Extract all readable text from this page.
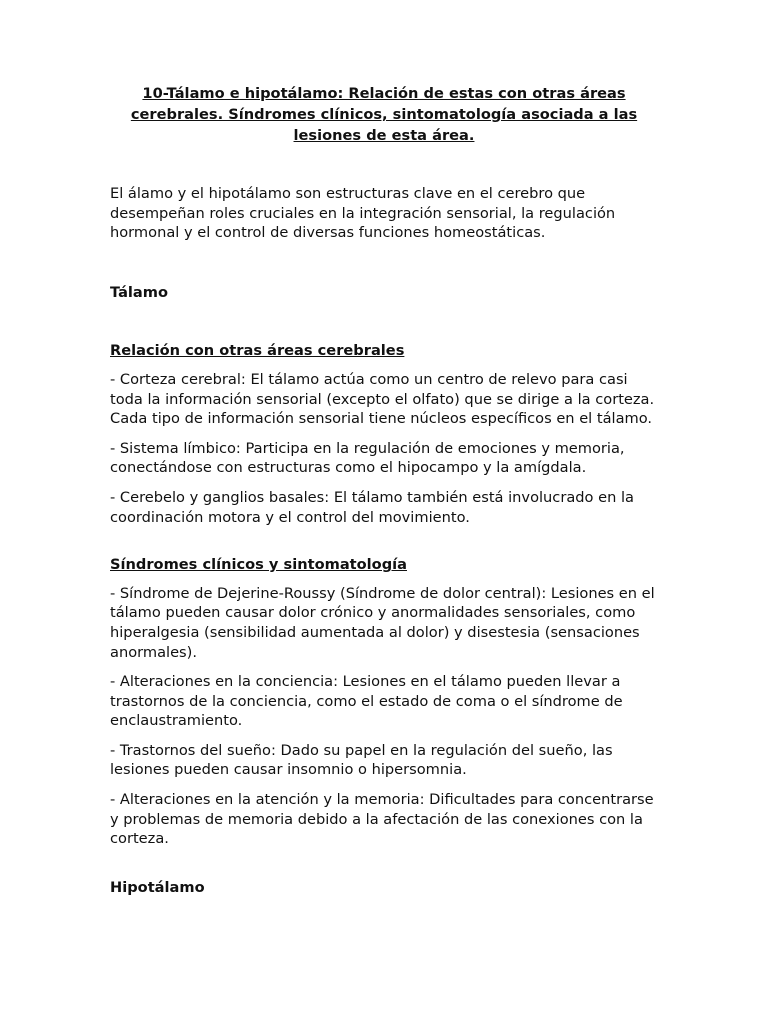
10-Tálamo e hipotálamo: Relación de estas con otras áreas cerebrales. Síndromes clínicos, sintomatología asociada a las lesiones de esta área.

El álamo y el hipotálamo son estructuras clave en el cerebro que desempeñan roles cruciales en la integración sensorial, la regulación hormonal y el control de diversas funciones homeostáticas.

Tálamo

Relación con otras áreas cerebrales

- Corteza cerebral: El tálamo actúa como un centro de relevo para casi toda la información sensorial (excepto el olfato) que se dirige a la corteza. Cada tipo de información sensorial tiene núcleos específicos en el tálamo.

- Sistema límbico: Participa en la regulación de emociones y memoria, conectándose con estructuras como el hipocampo y la amígdala.

- Cerebelo y ganglios basales: El tálamo también está involucrado en la coordinación motora y el control del movimiento.

Síndromes clínicos y sintomatología

- Síndrome de Dejerine-Roussy (Síndrome de dolor central): Lesiones en el tálamo pueden causar dolor crónico y anormalidades sensoriales, como hiperalgesia (sensibilidad aumentada al dolor) y disestesia (sensaciones anormales).

- Alteraciones en la conciencia: Lesiones en el tálamo pueden llevar a trastornos de la conciencia, como el estado de coma o el síndrome de enclaustramiento.

- Trastornos del sueño: Dado su papel en la regulación del sueño, las lesiones pueden causar insomnio o hipersomnia.

- Alteraciones en la atención y la memoria: Dificultades para concentrarse y problemas de memoria debido a la afectación de las conexiones con la corteza.

Hipotálamo
